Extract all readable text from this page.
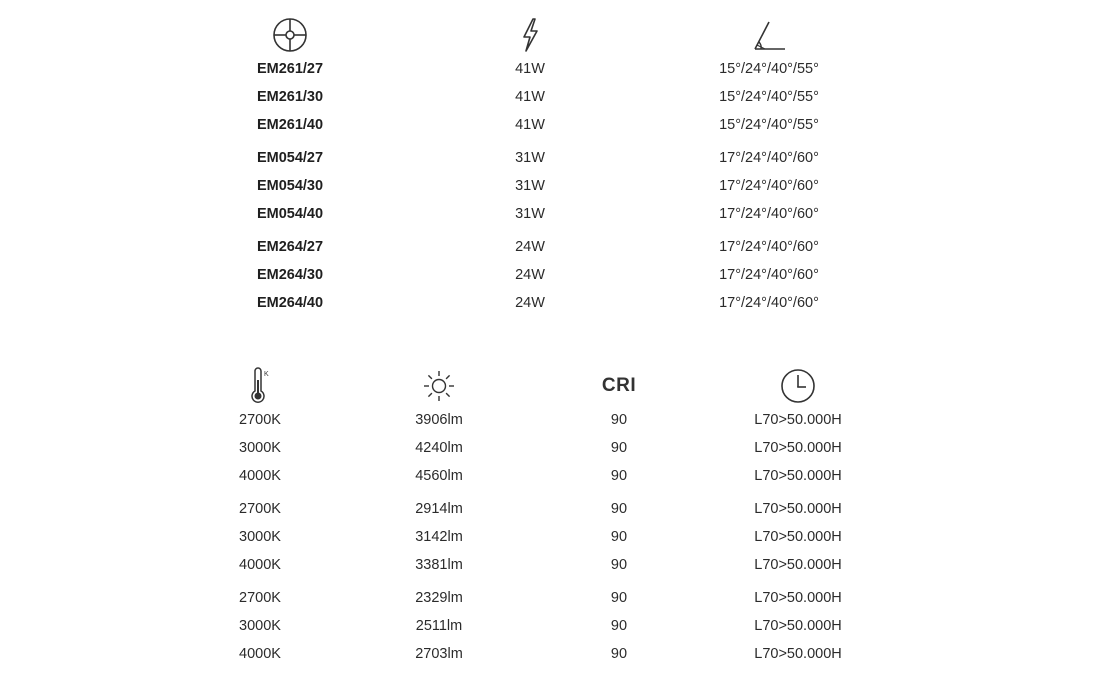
EM261/27
EM261/30
EM261/40
EM054/27
EM054/30
EM054/40
EM264/27
EM264/30
EM264/40
41W
41W
41W
31W
31W
31W
24W
24W
24W
15°/24°/40°/55°
15°/24°/40°/55°
15°/24°/40°/55°
17°/24°/40°/60°
17°/24°/40°/60°
17°/24°/40°/60°
17°/24°/40°/60°
17°/24°/40°/60°
17°/24°/40°/60°
K
2700K
3000K
4000K
2700K
3000K
4000K
2700K
3000K
4000K
3906lm
4240lm
4560lm
2914lm
3142lm
3381lm
2329lm
2511lm
2703lm
CRI
90
90
90
90
90
90
90
90
90
L70>50.000H
L70>50.000H
L70>50.000H
L70>50.000H
L70>50.000H
L70>50.000H
L70>50.000H
L70>50.000H
L70>50.000H
